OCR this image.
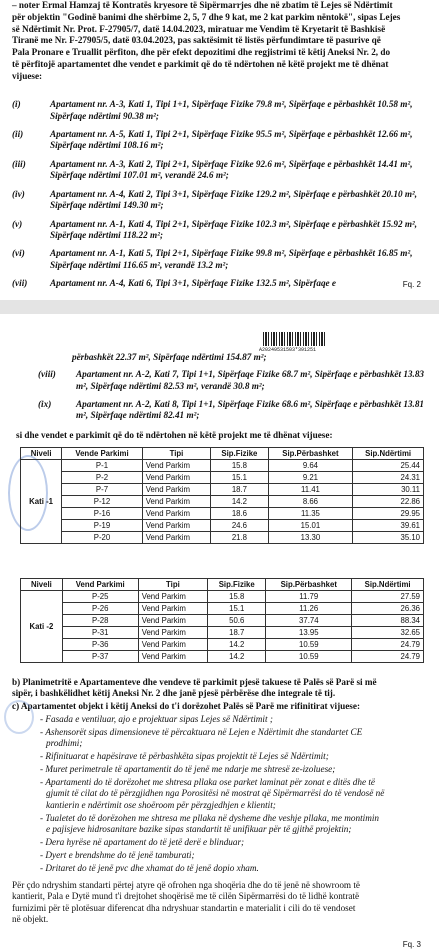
– noter Ermal Hamzaj të Kontratës kryesore të Sipërmarrjes dhe në zbatim të Lejes së Ndërtimit
për objektin "Godinë banimi dhe shërbime 2, 5, 7 dhe 9 kat, me 2 kat parkim nëntokë", sipas Lejes
së Ndërtimit Nr. Prot. F-27905/7, datë 14.04.2023, miratuar me Vendim të Kryetarit të Bashkisë
Tiranë me Nr. F-27905/5, datë 03.04.2023, pas saktësimit të listës përfundimtare të pasurive që
Pala Pronare e Truallit përfiton, dhe për efekt depozitimi dhe regjistrimi të këtij Aneksi Nr. 2, do
të përfitojë apartamentet dhe vendet e parkimit që do të ndërtohen në këtë projekt me të dhënat
vijuese:
(i)	Apartament nr. A-3, Kati 1, Tipi 1+1, Sipërfaqe Fizike 79.8 m², Sipërfaqe e përbashkët 10.58 m², Sipërfaqe ndërtimi 90.38 m²;
(ii)	Apartament nr. A-5, Kati 1, Tipi 2+1, Sipërfaqe Fizike 95.5 m², Sipërfaqe e përbashkët 12.66 m², Sipërfaqe ndërtimi 108.16 m²;
(iii)	Apartament nr. A-3, Kati 2, Tipi 2+1, Sipërfaqe Fizike 92.6 m², Sipërfaqe e përbashkët 14.41 m², Sipërfaqe ndërtimi 107.01 m², verandë 24.6 m²;
(iv)	Apartament nr. A-4, Kati 2, Tipi 3+1, Sipërfaqe Fizike 129.2 m², Sipërfaqe e përbashkët 20.10 m², Sipërfaqe ndërtimi 149.30 m²;
(v)	Apartament nr. A-1, Kati 4, Tipi 2+1, Sipërfaqe Fizike 102.3 m², Sipërfaqe e përbashkët 15.92 m², Sipërfaqe ndërtimi 118.22 m²;
(vi)	Apartament nr. A-1, Kati 5, Tipi 2+1, Sipërfaqe Fizike 99.8 m², Sipërfaqe e përbashkët 16.85 m², Sipërfaqe ndërtimi 116.65 m², verandë 13.2 m²;
(vii)	Apartament nr. A-4, Kati 6, Tipi 3+1, Sipërfaqe Fizike 132.5 m², Sipërfaqe e	Fq. 2
A20249531503*391251
përbashkët 22.37 m², Sipërfaqe ndërtimi 154.87 m²;
(viii)	Apartament nr. A-2, Kati 7, Tipi 1+1, Sipërfaqe Fizike 68.7 m², Sipërfaqe e përbashkët 13.83 m², Sipërfaqe ndërtimi 82.53 m², verandë 30.8 m²;
(ix)	Apartament nr. A-2, Kati 8, Tipi 1+1, Sipërfaqe Fizike 68.6 m², Sipërfaqe e përbashkët 13.81 m², Sipërfaqe ndërtimi 82.41 m²;
si dhe vendet e parkimit që do të ndërtohen në këtë projekt me të dhënat vijuese:
Niveli	Vende Parkimi	Tipi	Sip.Fizike	Sip.Përbashket	Sip.Ndërtimi
Kati -1	P-1	Vend Parkim	15.8	9.64	25.44
	P-2	Vend Parkim	15.1	9.21	24.31
	P-7	Vend Parkim	18.7	11.41	30.11
	P-12	Vend Parkim	14.2	8.66	22.86
	P-16	Vend Parkim	18.6	11.35	29.95
	P-19	Vend Parkim	24.6	15.01	39.61
	P-20	Vend Parkim	21.8	13.30	35.10
Niveli	Vend Parkimi	Tipi	Sip.Fizike	Sip.Përbashket	Sip.Ndërtimi
Kati -2	P-25	Vend Parkim	15.8	11.79	27.59
	P-26	Vend Parkim	15.1	11.26	26.36
	P-28	Vend Parkim	50.6	37.74	88.34
	P-31	Vend Parkim	18.7	13.95	32.65
	P-36	Vend Parkim	14.2	10.59	24.79
	P-37	Vend Parkim	14.2	10.59	24.79
b) Planimetritë e Apartamenteve dhe vendeve të parkimit pjesë takuese të Palës së Parë si më
sipër, i bashkëlidhet këtij Aneksi Nr. 2 dhe janë pjesë përbërëse dhe integrale të tij.
c) Apartamentet objekt i këtij Aneksi do t'i dorëzohet Palës së Parë me rifinitirat vijuese:
- Fasada e ventiluar, ajo e projektuar sipas Lejes së Ndërtimit ;
- Ashensorët sipas dimensioneve të përcaktuara në Lejen e Ndërtimit dhe standartet CE
prodhimi;
- Rifinituarat e hapësirave të përbashkëta sipas projektit të Lejes së Ndërtimit;
- Muret perimetrale të apartamentit do të jenë me ndarje me shtresë ze-izoluese;
- Apartamenti do të dorëzohet me shtresa pllaka ose parket laminat për zonat e ditës dhe të
gjumit të cilat do të përzgjidhen nga Porositësi në mostrat që Sipërmarrësi do të vendosë në
kantierin e ndërtimit ose shoëroom për përzgjedhjen e klientit;
- Tualetet do të dorëzohen me shtresa me pllaka në dysheme dhe veshje pllaka, me montimin
e pajisjeve hidrosanitare bazike sipas standartit të unifikuar për të gjithë projektin;
- Dera hyrëse në apartament do të jetë derë e blinduar;
- Dyert e brendshme do të jenë tamburati;
- Dritaret do të jenë pvc dhe xhamat do të jenë dopio xham.
Për çdo ndryshim standarti përtej atyre që ofrohen nga shoqëria dhe do të jenë në showroom të
kantierit, Pala e Dytë mund t'i drejtohet shoqërisë me të cilën Sipërmarrësi do të lidhë kontratë
furnizimi për të plotësuar diferencat dha ndryshuar standartin e materialit i cili do të vendoset
në objekt.
Fq. 3
